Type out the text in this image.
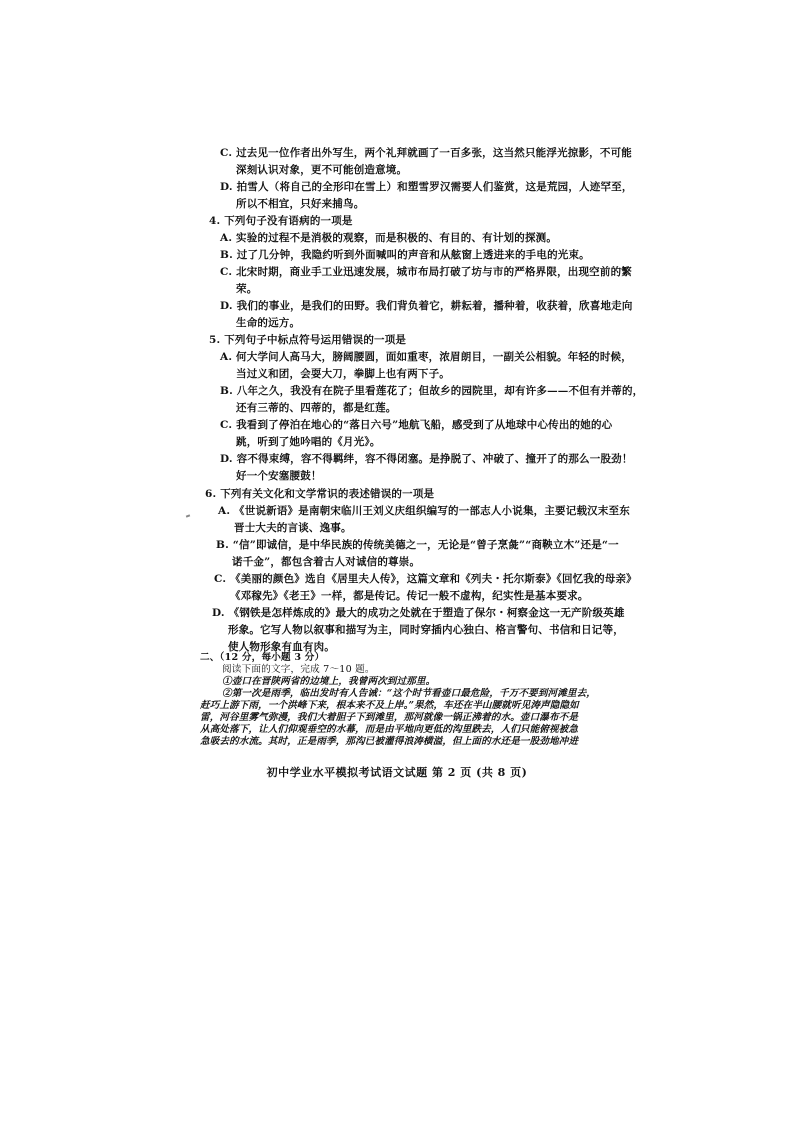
C. 过去见一位作者出外写生，两个礼拜就画了一百多张，这当然只能浮光掠影，不可能
深刻认识对象，更不可能创造意境。
D. 拍雪人（将自己的全形印在雪上）和塑雪罗汉需要人们鉴赏，这是荒园，人迹罕至，
所以不相宜，只好来捕鸟。
4. 下列句子没有语病的一项是
A. 实验的过程不是消极的观察，而是积极的、有目的、有计划的探测。
B. 过了几分钟，我隐约听到外面喊叫的声音和从舷窗上透进来的手电的光束。
C. 北宋时期，商业手工业迅速发展，城市布局打破了坊与市的严格界限，出现空前的繁
荣。
D. 我们的事业，是我们的田野。我们背负着它，耕耘着，播种着，收获着，欣喜地走向
生命的远方。
5. 下列句子中标点符号运用错误的一项是
A. 何大学问人高马大，膀阔腰圆，面如重枣，浓眉朗目，一副关公相貌。年轻的时候，
当过义和团，会耍大刀，拳脚上也有两下子。
B. 八年之久，我没有在院子里看莲花了；但故乡的园院里，却有许多——不但有并蒂的，
还有三蒂的、四蒂的，都是红莲。
C. 我看到了停泊在地心的“落日六号”地航飞船，感受到了从地球中心传出的她的心
跳，听到了她吟唱的《月光》。
D. 容不得束缚，容不得羁绊，容不得闭塞。是挣脱了、冲破了、撞开了的那么一股劲！
好一个安塞腰鼓！
6. 下列有关文化和文学常识的表述错误的一项是
A. 《世说新语》是南朝宋临川王刘义庆组织编写的一部志人小说集，主要记载汉末至东
晋士大夫的言谈、逸事。
B. “信”即诚信，是中华民族的传统美德之一，无论是“曾子烹彘”“商鞅立木”还是“一
诺千金”，都包含着古人对诚信的尊崇。
C. 《美丽的颜色》选自《居里夫人传》，这篇文章和《列夫・托尔斯泰》《回忆我的母亲》
《邓稼先》《老王》一样，都是传记。传记一般不虚构，纪实性是基本要求。
D. 《钢铁是怎样炼成的》最大的成功之处就在于塑造了保尔・柯察金这一无产阶级英雄
形象。它写人物以叙事和描写为主，同时穿插内心独白、格言警句、书信和日记等，
使人物形象有血有肉。
二、（12 分，每小题 3 分）
阅读下面的文字，完成 7～10 题。
①壶口在晋陕两省的边境上，我曾两次到过那里。
②第一次是雨季，临出发时有人告诫：“这个时节看壶口最危险，千万不要到河滩里去，
赶巧上游下雨，一个洪峰下来，根本来不及上岸。”果然，车还在半山腰就听见涛声隐隐如
雷，河谷里雾气弥漫，我们大着胆子下到滩里，那河就像一锅正沸着的水。壶口瀑布不是
从高处落下，让人们仰观垂空的水幕，而是由平地向更低的沟里跌去，人们只能俯视被急
急吸去的水流。其时，正是雨季，那沟已被灌得浪涛横溢，但上面的水还是一股劲地冲进
初中学业水平模拟考试语文试题 第 2 页 (共 8 页)
